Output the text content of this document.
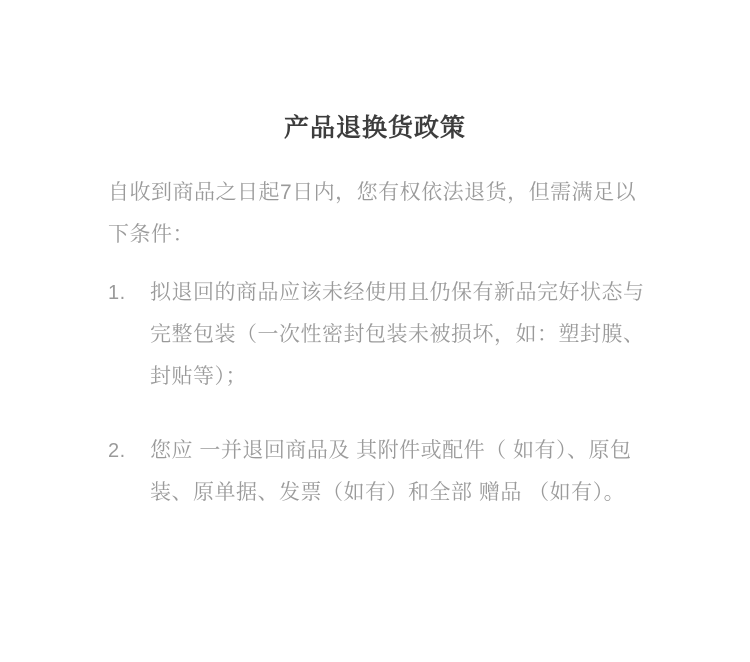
产品退换货政策

自收到商品之日起7日内，您有权依法退货，但需满足以下条件：

1.	拟退回的商品应该未经使用且仍保有新品完好状态与完整包装（一次性密封包装未被损坏，如：塑封膜、封贴等）；
2.	您应 一并退回商品及 其附件或配件（ 如有）、原包装、原单据、发票（如有）和全部 赠品 （如有）。
